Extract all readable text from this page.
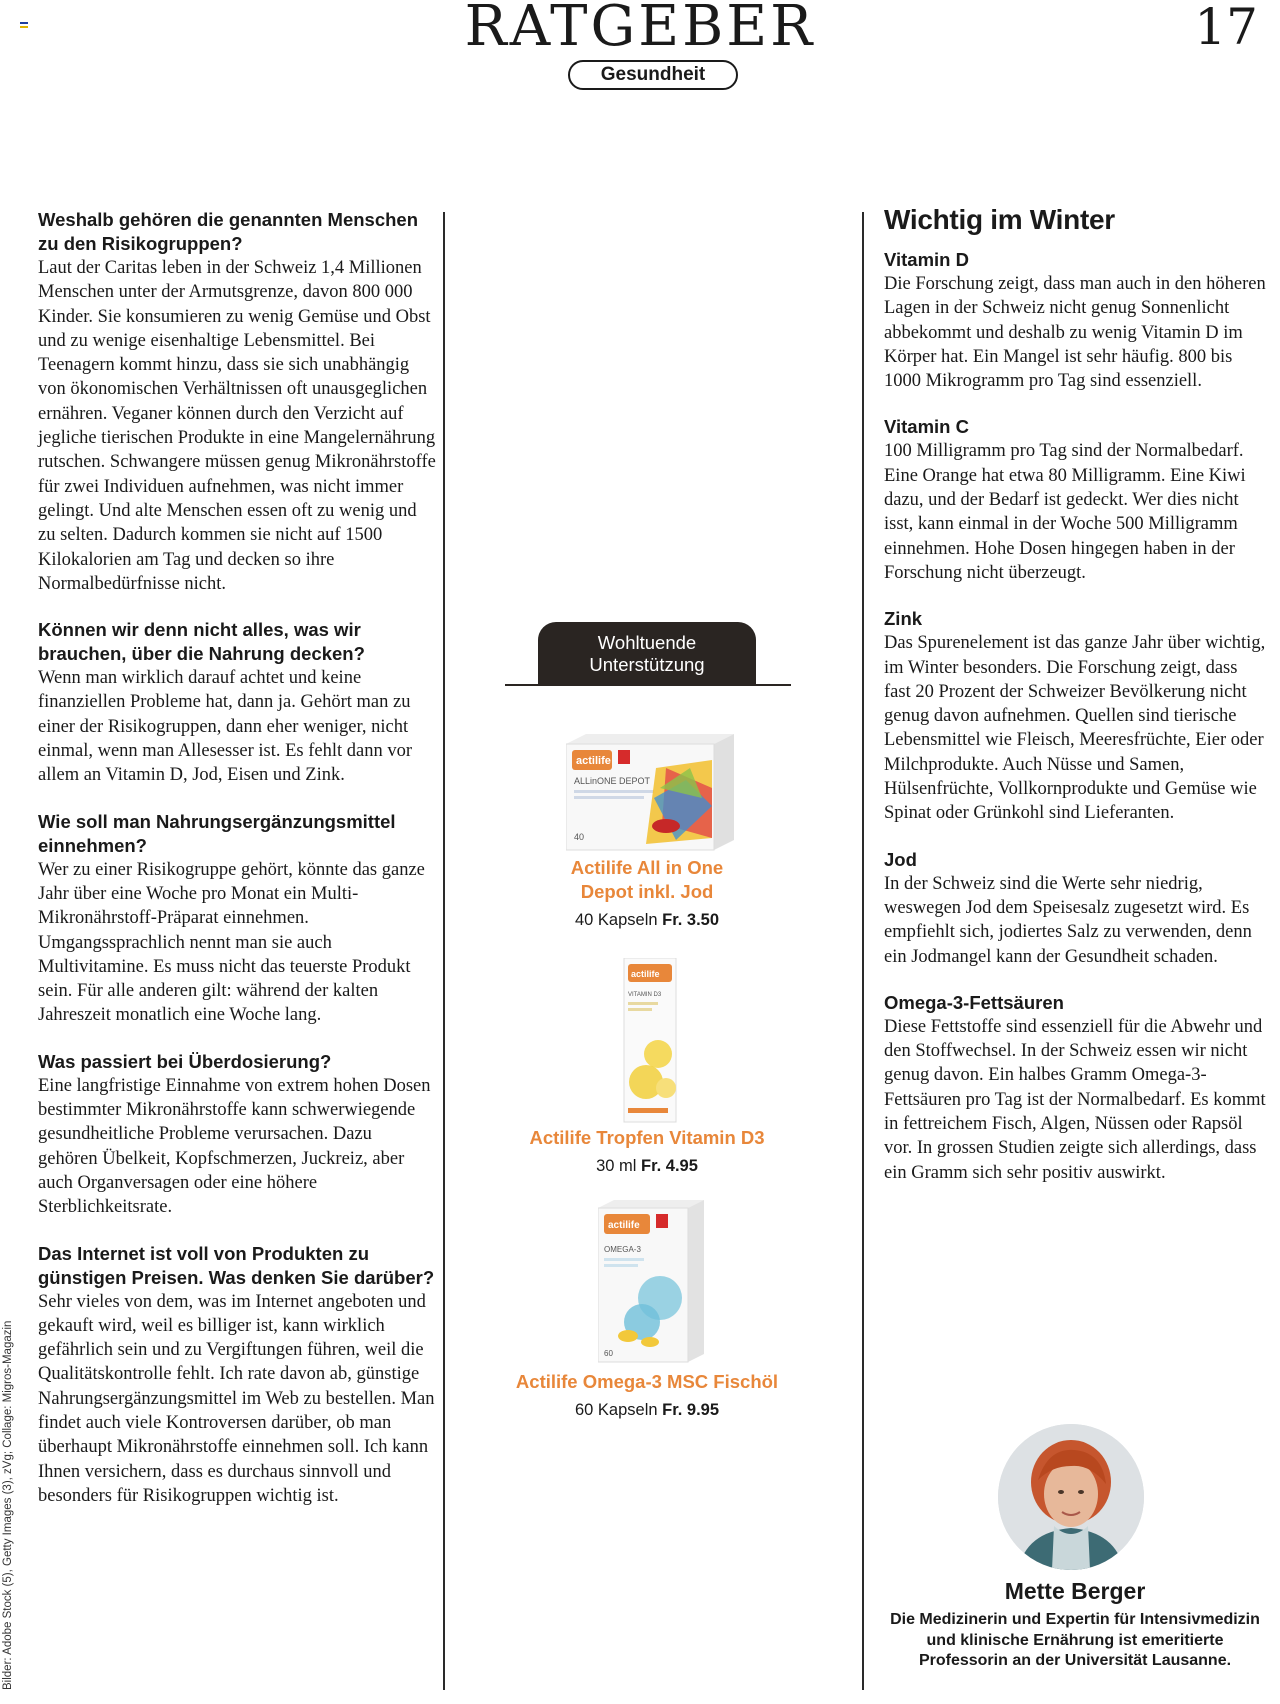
RATGEBER
Gesundheit
17
Bilder: Adobe Stock (5), Getty Images (3), zVg; Collage: Migros-Magazin

Weshalb gehören die genannten Menschen zu den Risikogruppen?

Laut der Caritas leben in der Schweiz 1,4 Millionen Menschen unter der Armutsgrenze, davon 800 000 Kinder. Sie konsumieren zu wenig Gemüse und Obst und zu wenige eisenhaltige Lebensmittel. Bei Teenagern kommt hinzu, dass sie sich unabhängig von ökonomischen Verhältnissen oft unausgeglichen ernähren. Veganer können durch den Verzicht auf jegliche tierischen Produkte in eine Mangelernährung rutschen. Schwangere müssen genug Mikronährstoffe für zwei Individuen aufnehmen, was nicht immer gelingt. Und alte Menschen essen oft zu wenig und zu selten. Dadurch kommen sie nicht auf 1500 Kilokalorien am Tag und decken so ihre Normalbedürfnisse nicht.

Können wir denn nicht alles, was wir brauchen, über die Nahrung decken?

Wenn man wirklich darauf achtet und keine finanziellen Probleme hat, dann ja. Gehört man zu einer der Risikogruppen, dann eher weniger, nicht einmal, wenn man Allesesser ist. Es fehlt dann vor allem an Vitamin D, Jod, Eisen und Zink.

Wie soll man Nahrungsergänzungsmittel einnehmen?

Wer zu einer Risikogruppe gehört, könnte das ganze Jahr über eine Woche pro Monat ein Multi-Mikronährstoff-Präparat einnehmen. Umgangssprachlich nennt man sie auch Multivitamine. Es muss nicht das teuerste Produkt sein. Für alle anderen gilt: während der kalten Jahreszeit monatlich eine Woche lang.

Was passiert bei Überdosierung?

Eine langfristige Einnahme von extrem hohen Dosen bestimmter Mikronährstoffe kann schwerwiegende gesundheitliche Probleme verursachen. Dazu gehören Übelkeit, Kopfschmerzen, Juckreiz, aber auch Organversagen oder eine höhere Sterblichkeitsrate.

Das Internet ist voll von Produkten zu günstigen Preisen. Was denken Sie darüber?

Sehr vieles von dem, was im Internet angeboten und gekauft wird, weil es billiger ist, kann wirklich gefährlich sein und zu Vergiftungen führen, weil die Qualitätskontrolle fehlt. Ich rate davon ab, günstige Nahrungsergänzungsmittel im Web zu bestellen. Man findet auch viele Kontroversen darüber, ob man überhaupt Mikronährstoffe einnehmen soll. Ich kann Ihnen versichern, dass es durchaus sinnvoll und besonders für Risikogruppen wichtig ist.

Wohltuende
Unterstützung
actilife
ALLinONE DEPOT
40
Actilife All in One
Depot inkl. Jod
40 Kapseln Fr. 3.50
actilife
VITAMIN D3
Actilife Tropfen Vitamin D3
30 ml Fr. 4.95
actilife
OMEGA-3
60
Actilife Omega-3 MSC Fischöl
60 Kapseln Fr. 9.95
Wichtig im Winter

Vitamin D

Die Forschung zeigt, dass man auch in den höheren Lagen in der Schweiz nicht genug Sonnenlicht abbekommt und deshalb zu wenig Vitamin D im Körper hat. Ein Mangel ist sehr häufig. 800 bis 1000 Mikrogramm pro Tag sind essenziell.

Vitamin C

100 Milligramm pro Tag sind der Normalbedarf. Eine Orange hat etwa 80 Milligramm. Eine Kiwi dazu, und der Bedarf ist gedeckt. Wer dies nicht isst, kann einmal in der Woche 500 Milligramm einnehmen. Hohe Dosen hingegen haben in der Forschung nicht überzeugt.

Zink

Das Spurenelement ist das ganze Jahr über wichtig, im Winter besonders. Die Forschung zeigt, dass fast 20 Prozent der Schweizer Bevölkerung nicht genug davon aufnehmen. Quellen sind tierische Lebensmittel wie Fleisch, Meeresfrüchte, Eier oder Milchprodukte. Auch Nüsse und Samen, Hülsenfrüchte, Vollkornprodukte und Gemüse wie Spinat oder Grünkohl sind Lieferanten.

Jod

In der Schweiz sind die Werte sehr niedrig, weswegen Jod dem Speisesalz zugesetzt wird. Es empfiehlt sich, jodiertes Salz zu verwenden, denn ein Jodmangel kann der Gesundheit schaden.

Omega-3-Fettsäuren

Diese Fettstoffe sind essenziell für die Abwehr und den Stoffwechsel. In der Schweiz essen wir nicht genug davon. Ein halbes Gramm Omega-3-Fettsäuren pro Tag ist der Normalbedarf. Es kommt in fettreichem Fisch, Algen, Nüssen oder Rapsöl vor. In grossen Studien zeigte sich allerdings, dass ein Gramm sich sehr positiv auswirkt.

Mette Berger
Die Medizinerin und Expertin für Intensivmedizin und klinische Ernährung ist emeritierte Professorin an der Universität Lausanne.
